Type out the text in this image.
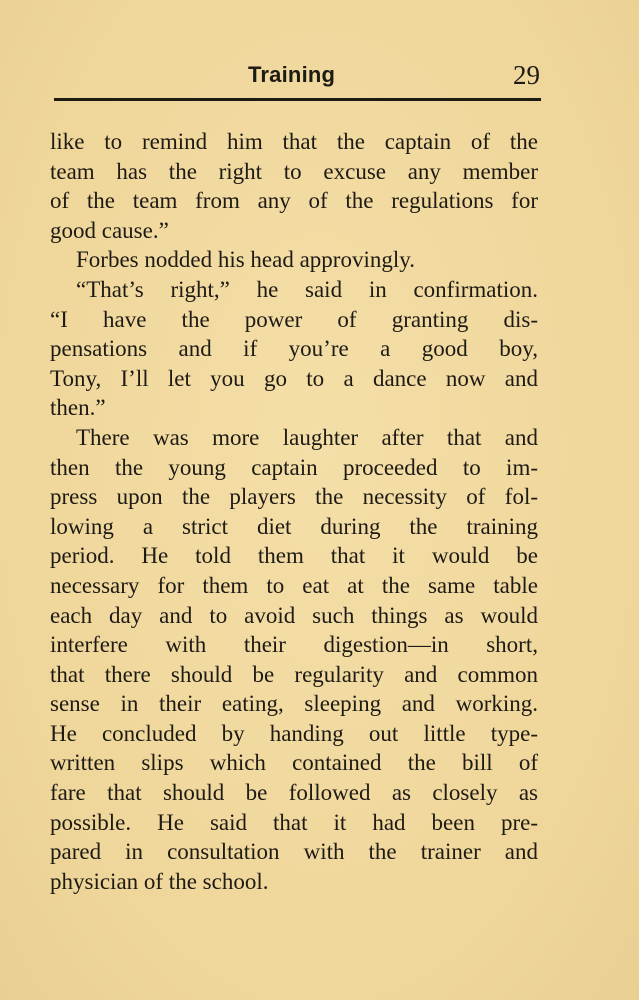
Training	29
like to remind him that the captain of the
team has the right to excuse any member
of the team from any of the regulations for
good cause.”
Forbes nodded his head approvingly.
“That’s right,” he said in confirmation.
“I have the power of granting dis-
pensations and if you’re a good boy,
Tony, I’ll let you go to a dance now and
then.”
There was more laughter after that and
then the young captain proceeded to im-
press upon the players the necessity of fol-
lowing a strict diet during the training
period. He told them that it would be
necessary for them to eat at the same table
each day and to avoid such things as would
interfere with their digestion—in short,
that there should be regularity and common
sense in their eating, sleeping and working.
He concluded by handing out little type-
written slips which contained the bill of
fare that should be followed as closely as
possible. He said that it had been pre-
pared in consultation with the trainer and
physician of the school.
